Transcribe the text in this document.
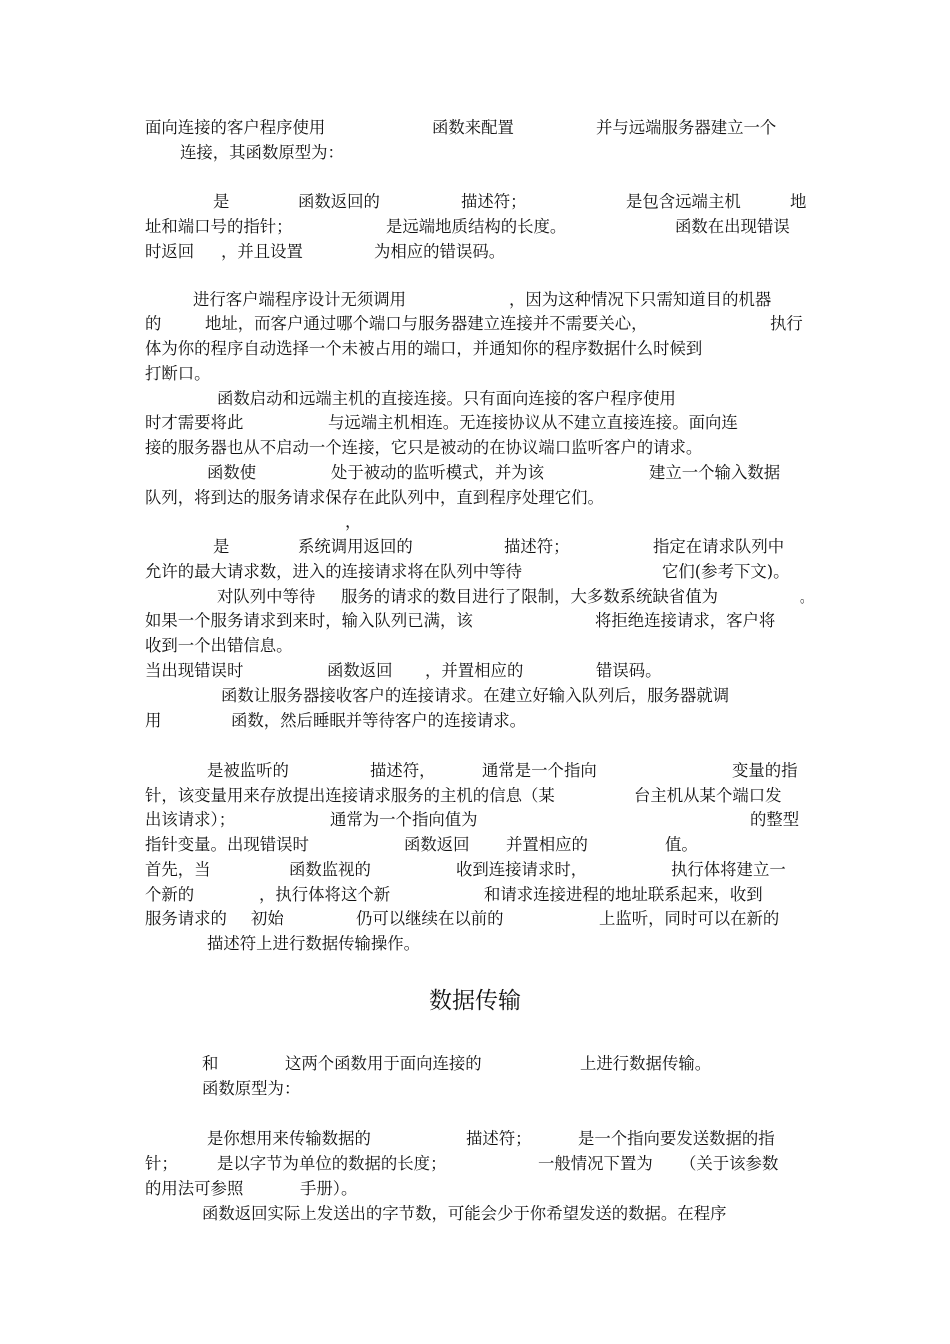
数据传输
面向连接的客户程序使用	函数来配置	并与远端服务器建立一个
连接，其函数原型为：
是	函数返回的	描述符；	是包含远端主机	地
址和端口号的指针；	是远端地质结构的长度。	函数在出现错误
时返回 ，并且设置	为相应的错误码。
进行客户端程序设计无须调用	，因为这种情况下只需知道目的机器
的	地址，而客户通过哪个端口与服务器建立连接并不需要关心，	执行
体为你的程序自动选择一个未被占用的端口，并通知你的程序数据什么时候到
打断口。
函数启动和远端主机的直接连接。只有面向连接的客户程序使用
时才需要将此	与远端主机相连。无连接协议从不建立直接连接。面向连
接的服务器也从不启动一个连接，它只是被动的在协议端口监听客户的请求。
函数使	处于被动的监听模式，并为该	建立一个输入数据
队列，将到达的服务请求保存在此队列中，直到程序处理它们。
，
是	系统调用返回的	描述符；	指定在请求队列中
允许的最大请求数，进入的连接请求将在队列中等待	它们(参考下文)。
对队列中等待 服务的请求的数目进行了限制，大多数系统缺省值为	。
如果一个服务请求到来时，输入队列已满，该	将拒绝连接请求，客户将
收到一个出错信息。
当出现错误时	函数返回 ，并置相应的	错误码。
函数让服务器接收客户的连接请求。在建立好输入队列后，服务器就调
用	函数，然后睡眠并等待客户的连接请求。
是被监听的	描述符，	通常是一个指向	变量的指
针，该变量用来存放提出连接请求服务的主机的信息（某	台主机从某个端口发
出该请求）；	通常为一个指向值为	的整型
指针变量。出现错误时	函数返回 并置相应的	值。
首先，当	函数监视的	收到连接请求时，	执行体将建立一
个新的	，执行体将这个新	和请求连接进程的地址联系起来，收到
服务请求的 初始	仍可以继续在以前的	上监听，同时可以在新的
描述符上进行数据传输操作。
和	这两个函数用于面向连接的	上进行数据传输。
函数原型为：
是你想用来传输数据的	描述符；	是一个指向要发送数据的指
针； 是以字节为单位的数据的长度；	一般情况下置为 （关于该参数
的用法可参照	手册）。
函数返回实际上发送出的字节数，可能会少于你希望发送的数据。在程序
